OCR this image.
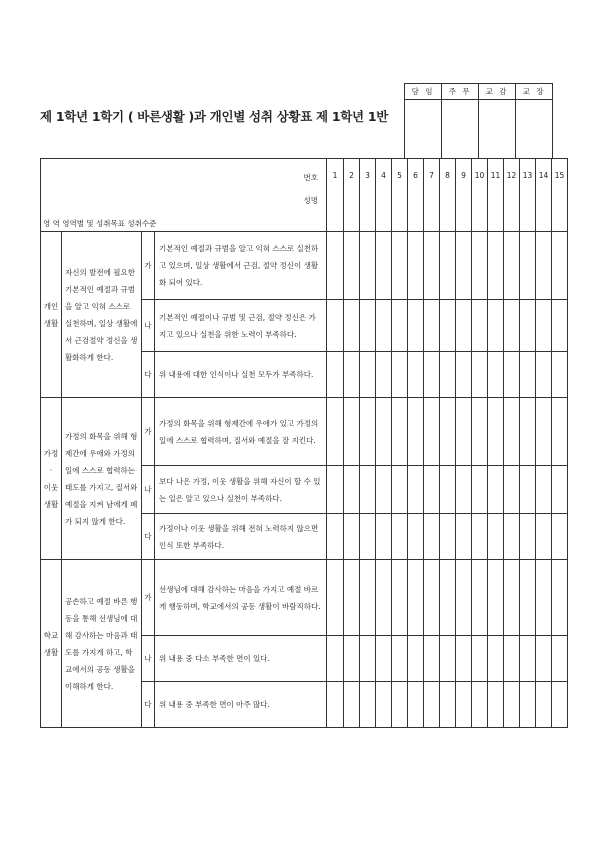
제 1학년 1학기 ( 바른생활 )과 개인별 성취 상황표 제 1학년 1반
담 임	주 무	교 감	교 장

번호
성명
영 역 영역별 및 성취목표 성취수준				1	2	3	4	5	6	7	8	9	10	11	12	13	14	15
개인
생활	자신의 발전에 필요한 기본적인 예절과 규범을 알고 익혀 스스로 실천하며, 일상 생활에서 근검절약 정신을 생활화하게 한다.	가	기본적인 예절과 규범을 알고 익혀 스스로 실천하고 있으며, 일상 생활에서 근검, 절약 정신이 생활화 되어 있다.															
		나	기본적인 예절이나 규범 및 근검, 절약 정신은 가지고 있으나 실천을 위한 노력이 부족하다.															
		다	위 내용에 대한 인식이나 실천 모두가 부족하다.															
가정
·
이웃
생활	가정의 화목을 위해 형제간에 우애와 가정의 일에 스스로 협력하는 태도를 가지고, 질서와 예절을 지켜 남에게 폐가 되지 않게 한다.	가	가정의 화목을 위해 형제간에 우애가 있고 가정의 일에 스스로 협력하며, 질서와 예절을 잘 지킨다.															
		나	보다 나은 가정, 이웃 생활을 위해 자신이 할 수 있는 일은 알고 있으나 실천이 부족하다.															
		다	가정이나 이웃 생활을 위해 전혀 노력하지 않으면 인식 또한 부족하다.															
학교
생활	공손하고 예절 바른 행동을 통해 선생님에 대해 감사하는 마음과 태도를 가지게 하고, 학교에서의 공동 생활을 이해하게 한다.	가	선생님에 대해 감사하는 마음을 가지고 예절 바르게 행동하며, 학교에서의 공동 생활이 바람직하다.															
		나	위 내용 중 다소 부족한 면이 있다.															
		다	위 내용 중 부족한 면이 아주 많다.															
